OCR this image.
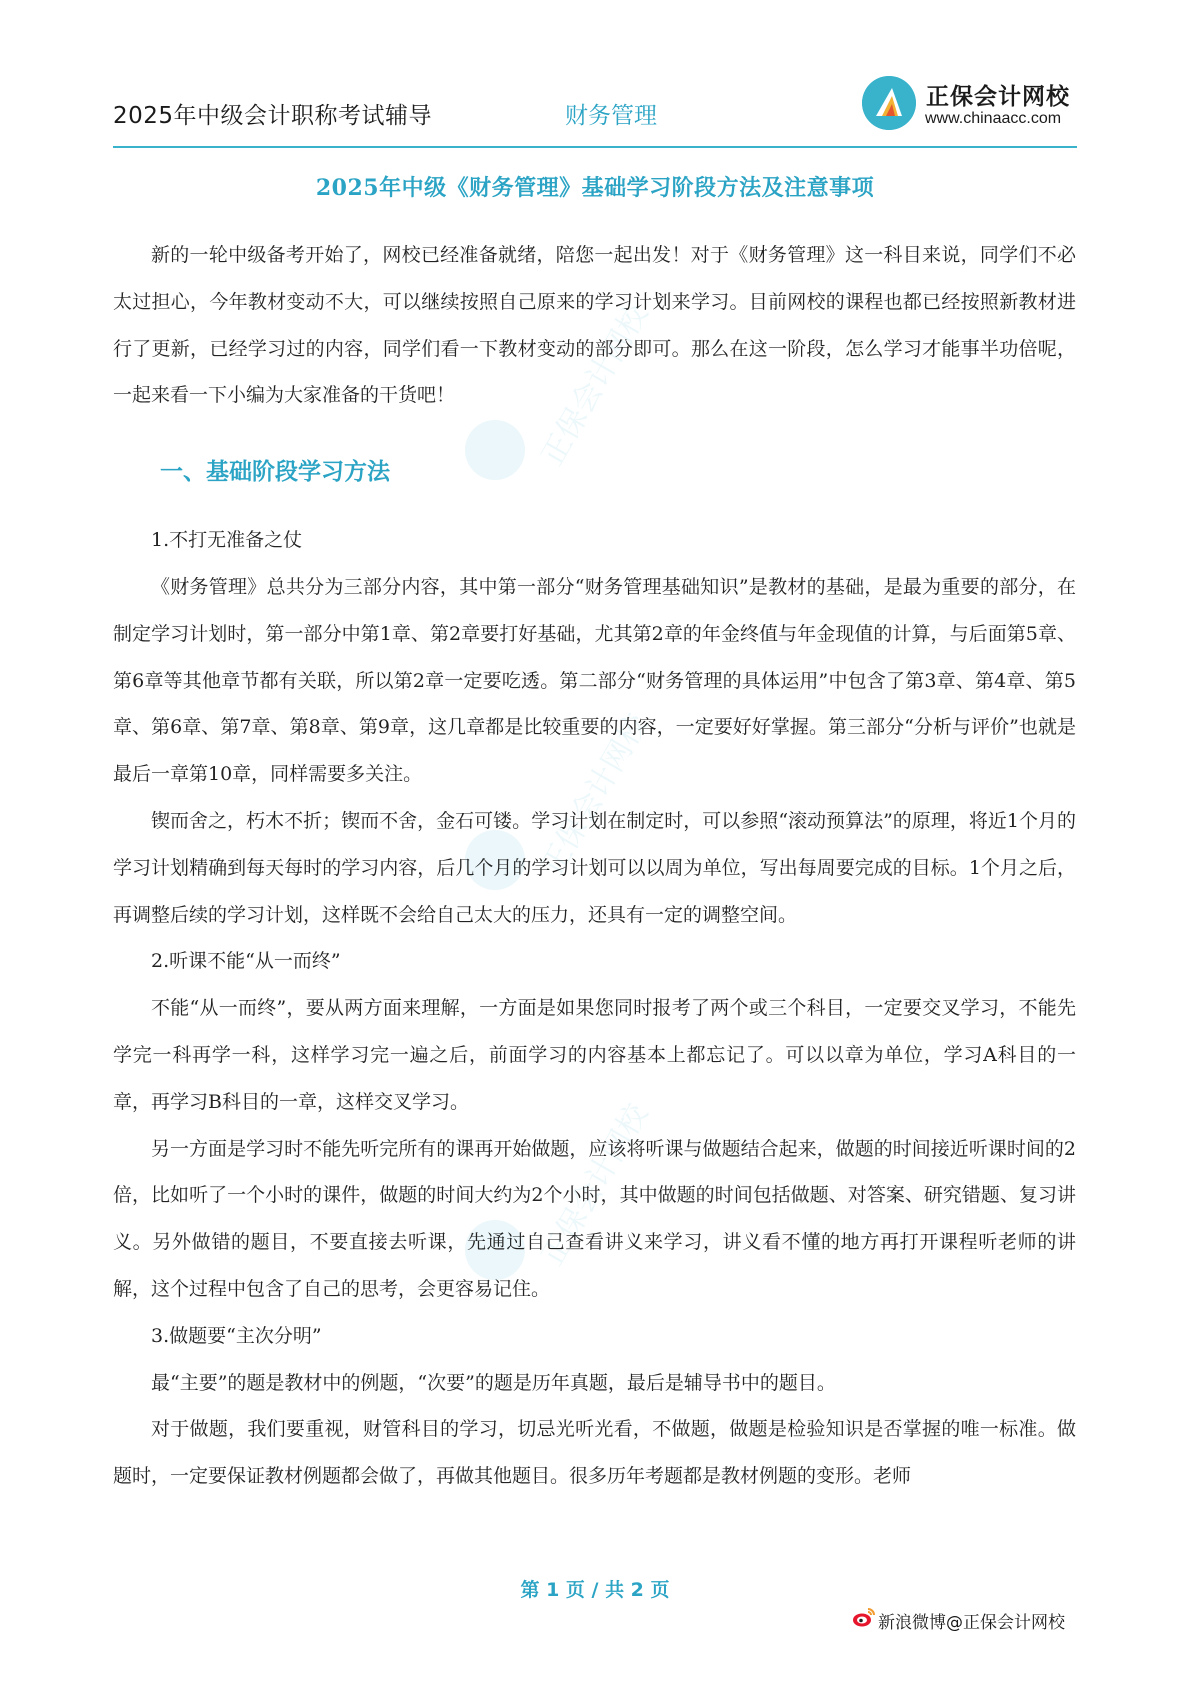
2025年中级会计职称考试辅导	财务管理
正保会计网校
www.chinaacc.com
2025年中级《财务管理》基础学习阶段方法及注意事项
正保会计网校
正保会计网校
正保会计网校

新的一轮中级备考开始了，网校已经准备就绪，陪您一起出发！对于《财务管理》这一科目来说，同学们不必太过担心，今年教材变动不大，可以继续按照自己原来的学习计划来学习。目前网校的课程也都已经按照新教材进行了更新，已经学习过的内容，同学们看一下教材变动的部分即可。那么在这一阶段，怎么学习才能事半功倍呢，一起来看一下小编为大家准备的干货吧！

一、基础阶段学习方法

1.不打无准备之仗

《财务管理》总共分为三部分内容，其中第一部分“财务管理基础知识”是教材的基础，是最为重要的部分，在制定学习计划时，第一部分中第1章、第2章要打好基础，尤其第2章的年金终值与年金现值的计算，与后面第5章、第6章等其他章节都有关联，所以第2章一定要吃透。第二部分“财务管理的具体运用”中包含了第3章、第4章、第5章、第6章、第7章、第8章、第9章，这几章都是比较重要的内容，一定要好好掌握。第三部分“分析与评价”也就是最后一章第10章，同样需要多关注。

锲而舍之，朽木不折；锲而不舍，金石可镂。学习计划在制定时，可以参照“滚动预算法”的原理，将近1个月的学习计划精确到每天每时的学习内容，后几个月的学习计划可以以周为单位，写出每周要完成的目标。1个月之后，再调整后续的学习计划，这样既不会给自己太大的压力，还具有一定的调整空间。

2.听课不能“从一而终”

不能“从一而终”，要从两方面来理解，一方面是如果您同时报考了两个或三个科目，一定要交叉学习，不能先学完一科再学一科，这样学习完一遍之后，前面学习的内容基本上都忘记了。可以以章为单位，学习A科目的一章，再学习B科目的一章，这样交叉学习。

另一方面是学习时不能先听完所有的课再开始做题，应该将听课与做题结合起来，做题的时间接近听课时间的2倍，比如听了一个小时的课件，做题的时间大约为2个小时，其中做题的时间包括做题、对答案、研究错题、复习讲义。另外做错的题目，不要直接去听课，先通过自己查看讲义来学习，讲义看不懂的地方再打开课程听老师的讲解，这个过程中包含了自己的思考，会更容易记住。

3.做题要“主次分明”

最“主要”的题是教材中的例题，“次要”的题是历年真题，最后是辅导书中的题目。

对于做题，我们要重视，财管科目的学习，切忌光听光看，不做题，做题是检验知识是否掌握的唯一标准。做题时，一定要保证教材例题都会做了，再做其他题目。很多历年考题都是教材例题的变形。老师

第 1 页 / 共 2 页
新浪微博@正保会计网校
